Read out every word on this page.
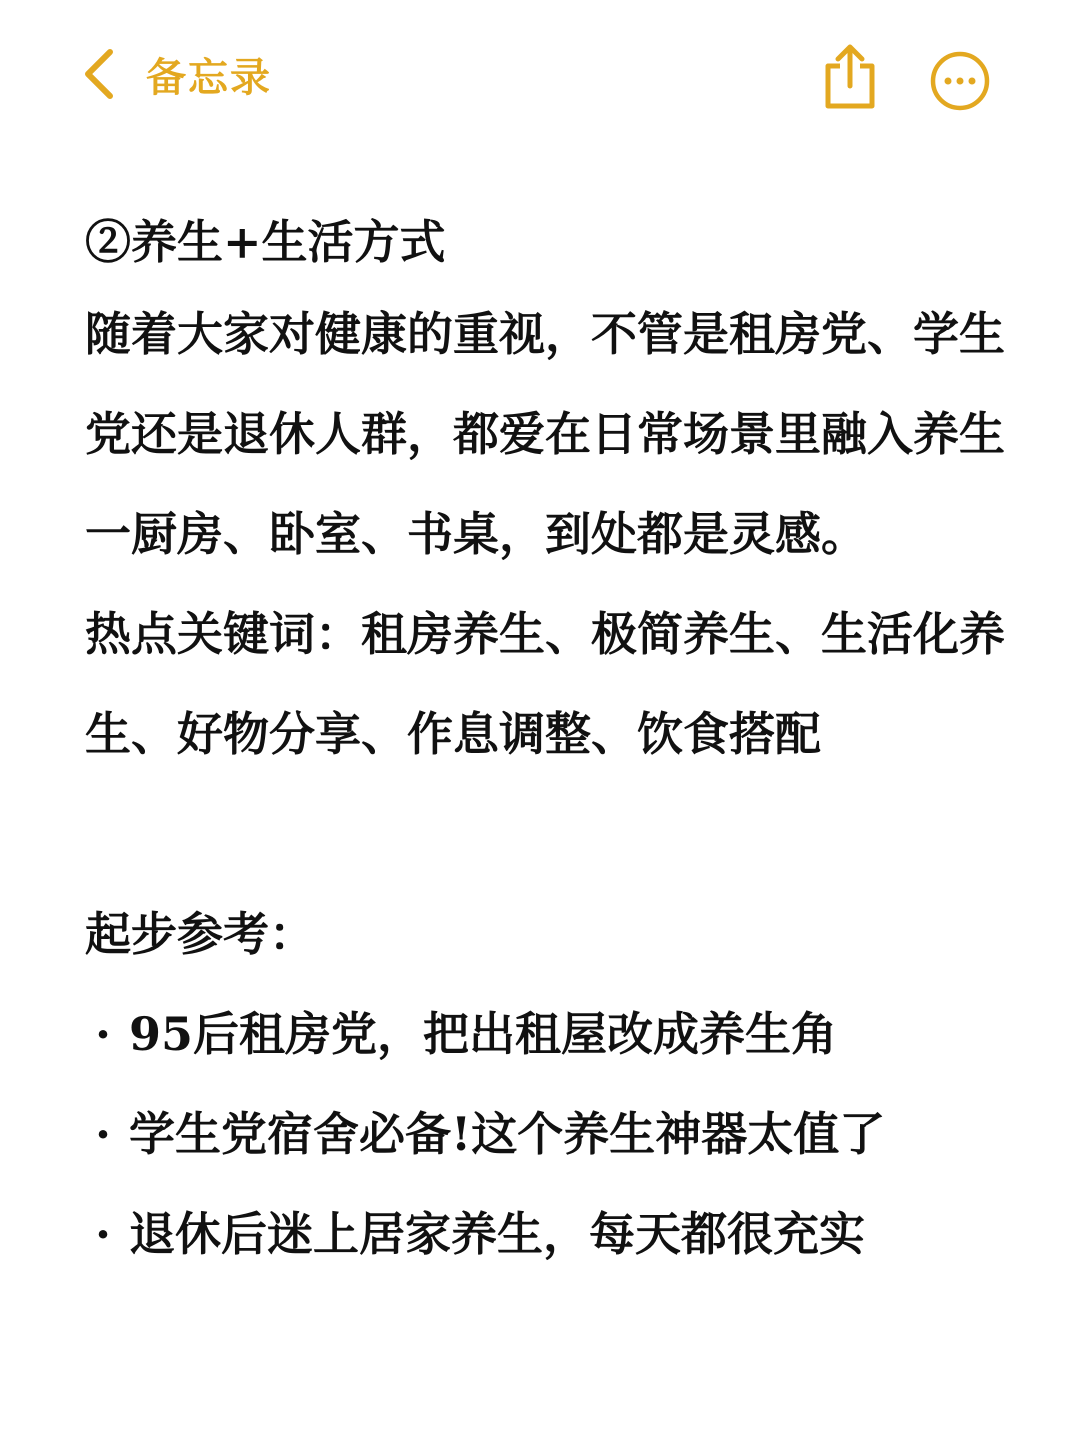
备忘录
②养生+生活方式
随着大家对健康的重视，不管是租房党、学生
党还是退休人群，都爱在日常场景里融入养生
一厨房、卧室、书桌，到处都是灵感。
热点关键词：租房养生、极简养生、生活化养
生、好物分享、作息调整、饮食搭配
起步参考：
· 95后租房党，把出租屋改成养生角
· 学生党宿舍必备!这个养生神器太值了
· 退休后迷上居家养生，每天都很充实
